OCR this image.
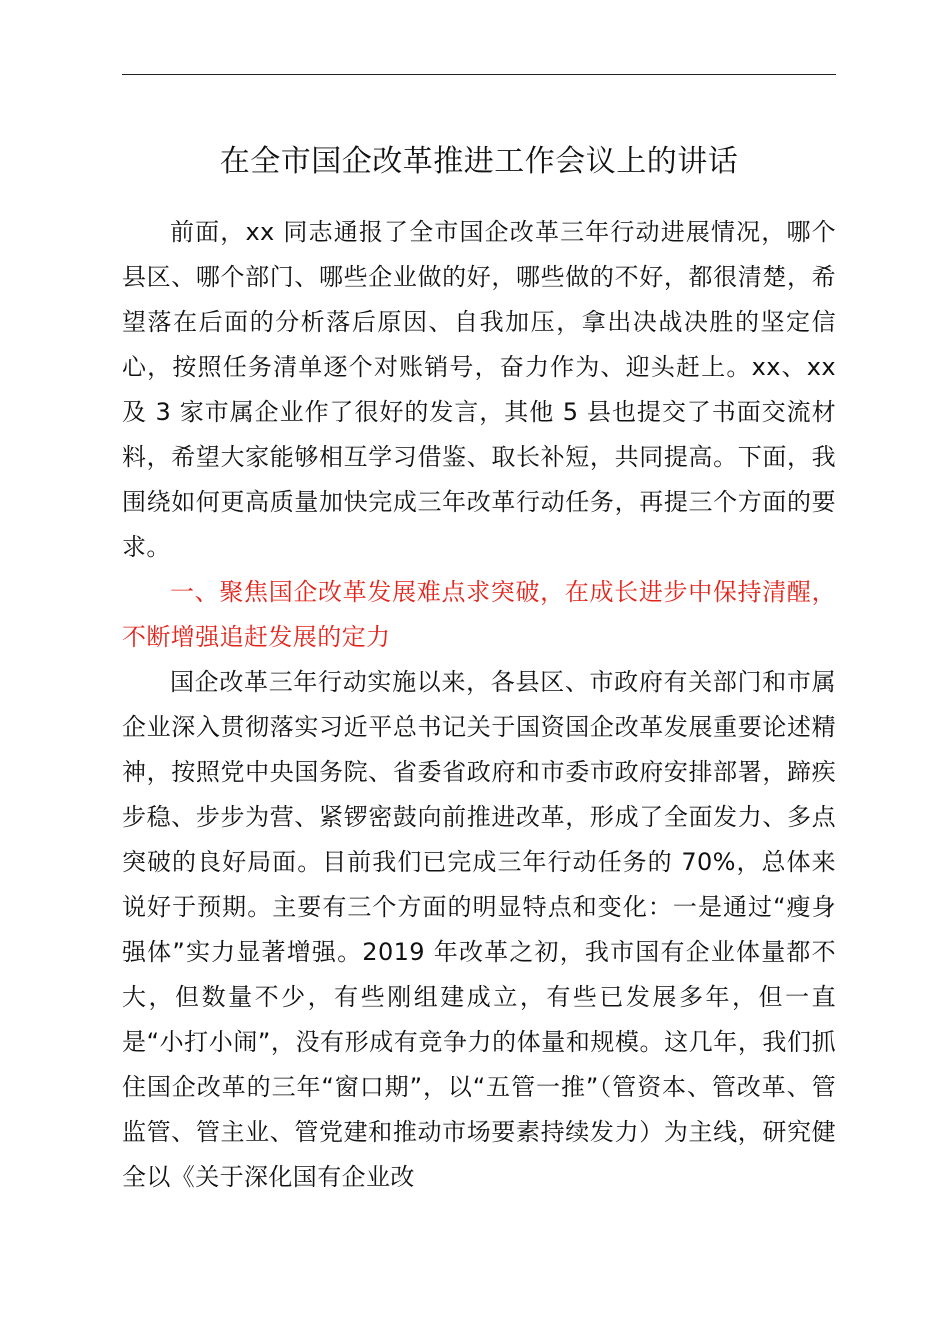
在全市国企改革推进工作会议上的讲话

前面，xx 同志通报了全市国企改革三年行动进展情况，哪个县区、哪个部门、哪些企业做的好，哪些做的不好，都很清楚，希望落在后面的分析落后原因、自我加压，拿出决战决胜的坚定信心，按照任务清单逐个对账销号，奋力作为、迎头赶上。xx、xx 及 3 家市属企业作了很好的发言，其他 5 县也提交了书面交流材料，希望大家能够相互学习借鉴、取长补短，共同提高。下面，我围绕如何更高质量加快完成三年改革行动任务，再提三个方面的要求。

一、聚焦国企改革发展难点求突破，在成长进步中保持清醒，不断增强追赶发展的定力

国企改革三年行动实施以来，各县区、市政府有关部门和市属企业深入贯彻落实习近平总书记关于国资国企改革发展重要论述精神，按照党中央国务院、省委省政府和市委市政府安排部署，蹄疾步稳、步步为营、紧锣密鼓向前推进改革，形成了全面发力、多点突破的良好局面。目前我们已完成三年行动任务的 70%，总体来说好于预期。主要有三个方面的明显特点和变化：一是通过“瘦身强体”实力显著增强。2019 年改革之初，我市国有企业体量都不大，但数量不少，有些刚组建成立，有些已发展多年，但一直是“小打小闹”，没有形成有竞争力的体量和规模。这几年，我们抓住国企改革的三年“窗口期”，以“五管一推”（管资本、管改革、管监管、管主业、管党建和推动市场要素持续发力）为主线，研究健全以《关于深化国有企业改
